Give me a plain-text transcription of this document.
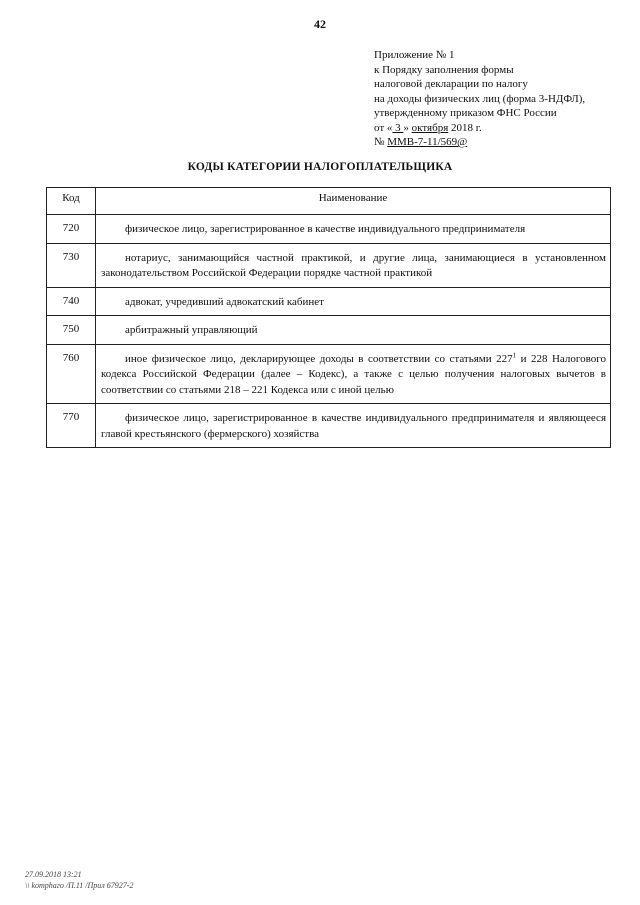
42
Приложение № 1
к Порядку заполнения формы
налоговой декларации по налогу
на доходы физических лиц (форма 3-НДФЛ),
утвержденному приказом ФНС России
от « 3 » октября 2018 г.
№ ММВ-7-11/569@
КОДЫ КАТЕГОРИИ НАЛОГОПЛАТЕЛЬЩИКА
Код	Наименование
720	физическое лицо, зарегистрированное в качестве индивидуального предпринимателя
730	нотариус, занимающийся частной практикой, и другие лица, занимающиеся в установленном законодательством Российской Федерации порядке частной практикой
740	адвокат, учредивший адвокатский кабинет
750	арбитражный управляющий
760	иное физическое лицо, декларирующее доходы в соответствии со статьями $227^1$ и 228 Налогового кодекса Российской Федерации (далее – Кодекс), а также с целью получения налоговых вычетов в соответствии со статьями 218 – 221 Кодекса или с иной целью
770	физическое лицо, зарегистрированное в качестве индивидуального предпринимателя и являющееся главой крестьянского (фермерского) хозяйства
27.09.2018 13:21
\\ komphaго /П.11 /Прил 67927-2
